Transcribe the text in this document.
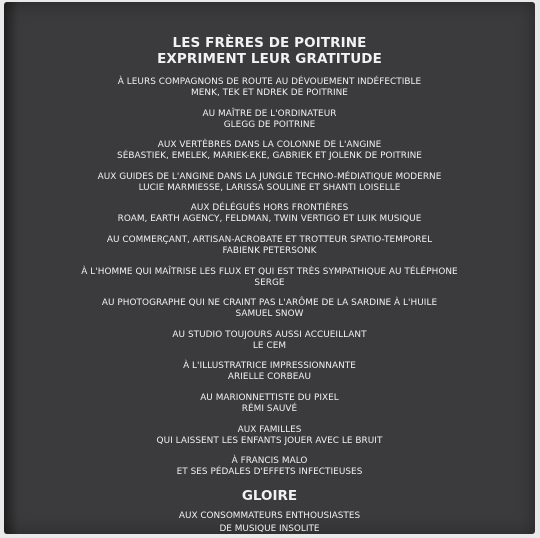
LES FRÈRES DE POITRINE
EXPRIMENT LEUR GRATITUDE
À LEURS COMPAGNONS DE ROUTE AU DÉVOUEMENT INDÉFECTIBLE
MENK, TEK ET NDREK DE POITRINE
AU MAÎTRE DE L'ORDINATEUR
GLEGG DE POITRINE
AUX VERTÈBRES DANS LA COLONNE DE L'ANGINE
SÉBASTIEK, EMELEK, MARIEK-EKE, GABRIEK ET JOLENK DE POITRINE
AUX GUIDES DE L'ANGINE DANS LA JUNGLE TECHNO-MÉDIATIQUE MODERNE
LUCIE MARMIESSE, LARISSA SOULINE ET SHANTI LOISELLE
AUX DÉLÉGUÉS HORS FRONTIÈRES
ROAM, EARTH AGENCY, FELDMAN, TWIN VERTIGO ET LUIK MUSIQUE
AU COMMERÇANT, ARTISAN-ACROBATE ET TROTTEUR SPATIO-TEMPOREL
FABIENK PETERSONK
À L'HOMME QUI MAÎTRISE LES FLUX ET QUI EST TRÈS SYMPATHIQUE AU TÉLÉPHONE
SERGE
AU PHOTOGRAPHE QUI NE CRAINT PAS L'ARÔME DE LA SARDINE À L'HUILE
SAMUEL SNOW
AU STUDIO TOUJOURS AUSSI ACCUEILLANT
LE CEM
À L'ILLUSTRATRICE IMPRESSIONNANTE
ARIELLE CORBEAU
AU MARIONNETTISTE DU PIXEL
RÉMI SAUVÉ
AUX FAMILLES
QUI LAISSENT LES ENFANTS JOUER AVEC LE BRUIT
À FRANCIS MALO
ET SES PÉDALES D'EFFETS INFECTIEUSES
GLOIRE
AUX CONSOMMATEURS ENTHOUSIASTES
DE MUSIQUE INSOLITE
